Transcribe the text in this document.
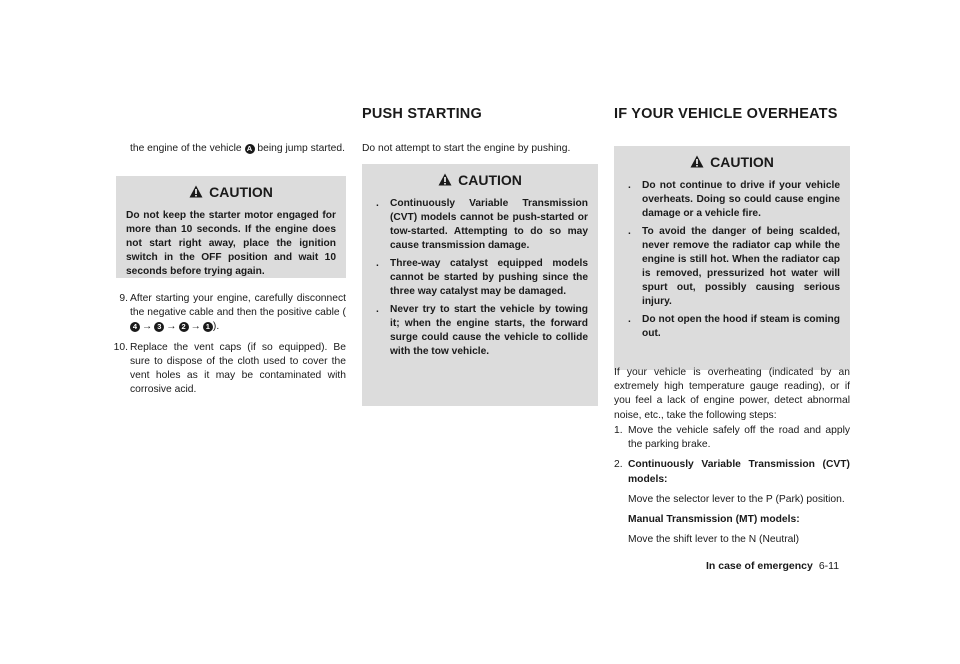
PUSH STARTING	IF YOUR VEHICLE OVERHEATS

the engine of the vehicle A being jump started.

CAUTION

Do not keep the starter motor engaged for more than 10 seconds. If the engine does not start right away, place the ignition switch in the OFF position and wait 10 seconds before trying again.

9. After starting your engine, carefully disconnect the negative cable and then the positive cable (4 → 3 → 2 → 1 ).
10. Replace the vent caps (if so equipped). Be sure to dispose of the cloth used to cover the vent holes as it may be contaminated with corrosive acid.

Do not attempt to start the engine by pushing.

CAUTION
. Continuously Variable Transmission (CVT) models cannot be push-started or tow-started. Attempting to do so may cause transmission damage.
. Three-way catalyst equipped models cannot be started by pushing since the three way catalyst may be damaged.
. Never try to start the vehicle by towing it; when the engine starts, the forward surge could cause the vehicle to collide with the tow vehicle.
CAUTION
. Do not continue to drive if your vehicle overheats. Doing so could cause engine damage or a vehicle fire.
. To avoid the danger of being scalded, never remove the radiator cap while the engine is still hot. When the radiator cap is removed, pressurized hot water will spurt out, possibly causing serious injury.
. Do not open the hood if steam is coming out.

If your vehicle is overheating (indicated by an extremely high temperature gauge reading), or if you feel a lack of engine power, detect abnormal noise, etc., take the following steps:

1. Move the vehicle safely off the road and apply the parking brake.
2. Continuously Variable Transmission (CVT) models:

Move the selector lever to the P (Park) position.

Manual Transmission (MT) models:

Move the shift lever to the N (Neutral)

In case of emergency 6-11
